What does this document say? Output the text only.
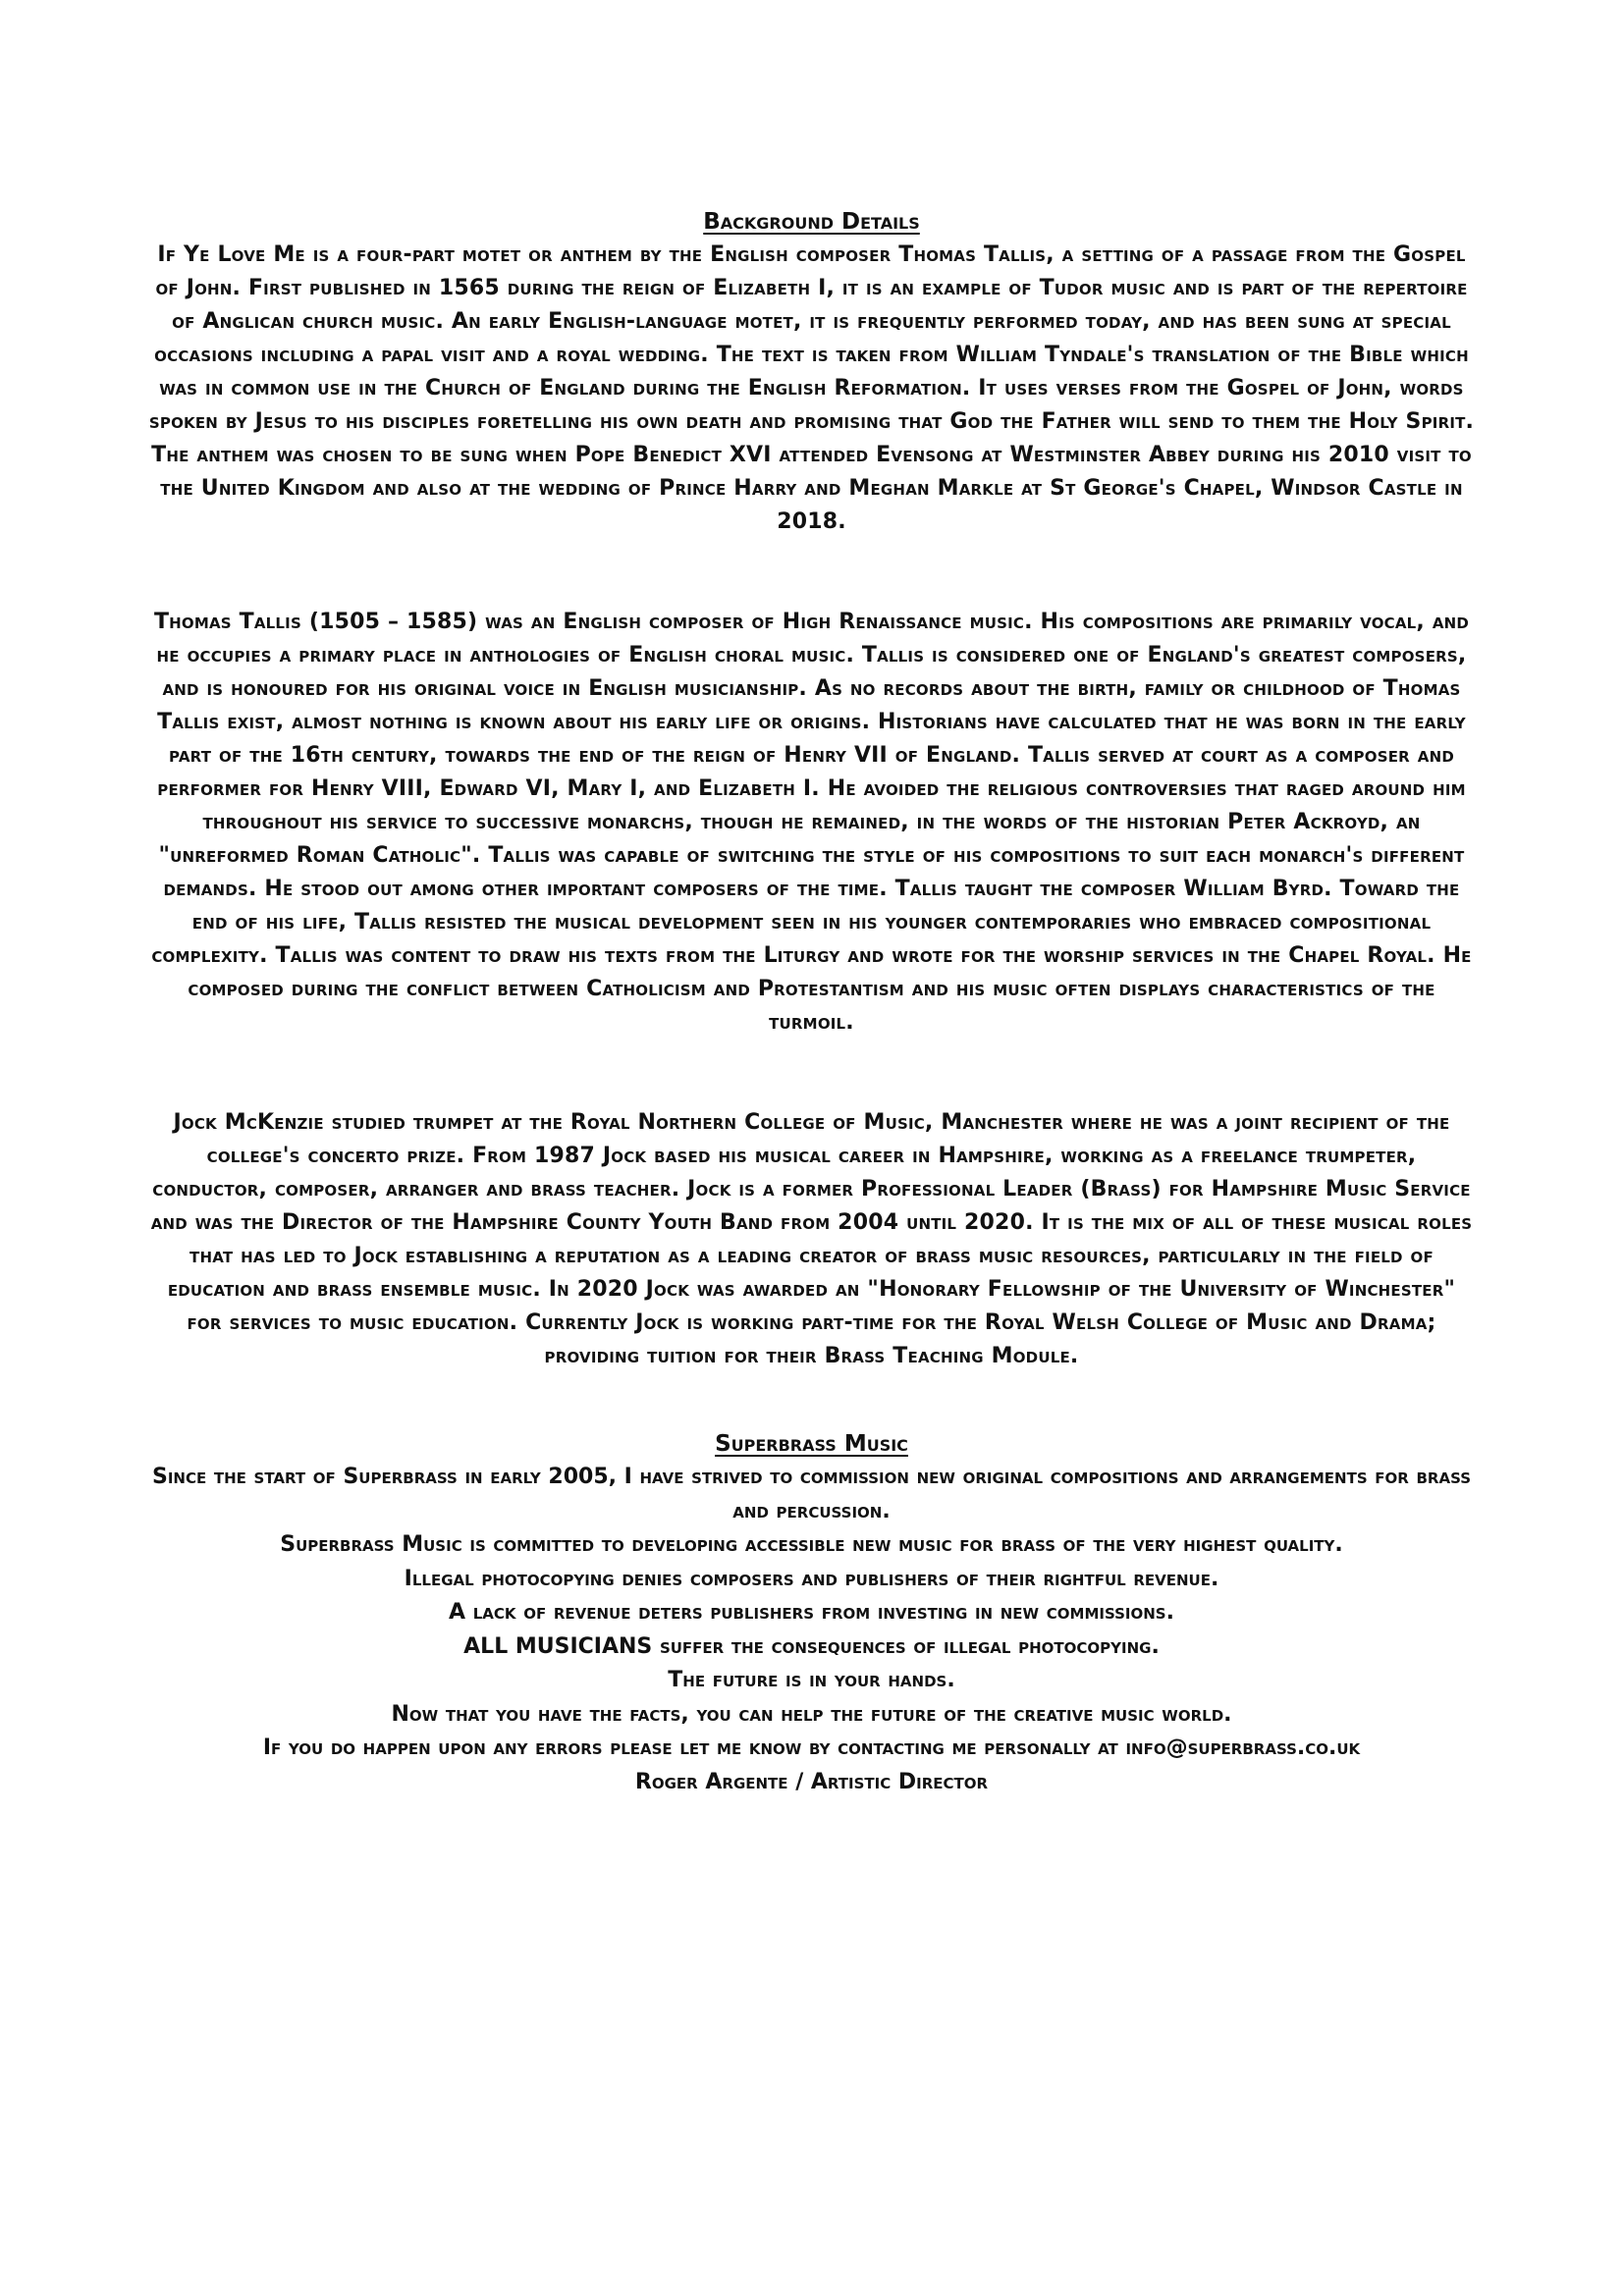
Background Details

If Ye Love Me is a four-part motet or anthem by the English composer Thomas Tallis, a setting of a passage from the Gospel of John. First published in 1565 during the reign of Elizabeth I, it is an example of Tudor music and is part of the repertoire of Anglican church music. An early English-language motet, it is frequently performed today, and has been sung at special occasions including a papal visit and a royal wedding. The text is taken from William Tyndale's translation of the Bible which was in common use in the Church of England during the English Reformation. It uses verses from the Gospel of John, words spoken by Jesus to his disciples foretelling his own death and promising that God the Father will send to them the Holy Spirit. The anthem was chosen to be sung when Pope Benedict XVI attended Evensong at Westminster Abbey during his 2010 visit to the United Kingdom and also at the wedding of Prince Harry and Meghan Markle at St George's Chapel, Windsor Castle in 2018.

Thomas Tallis (1505 – 1585) was an English composer of High Renaissance music. His compositions are primarily vocal, and he occupies a primary place in anthologies of English choral music. Tallis is considered one of England's greatest composers, and is honoured for his original voice in English musicianship. As no records about the birth, family or childhood of Thomas Tallis exist, almost nothing is known about his early life or origins. Historians have calculated that he was born in the early part of the 16th century, towards the end of the reign of Henry VII of England. Tallis served at court as a composer and performer for Henry VIII, Edward VI, Mary I, and Elizabeth I. He avoided the religious controversies that raged around him throughout his service to successive monarchs, though he remained, in the words of the historian Peter Ackroyd, an "unreformed Roman Catholic". Tallis was capable of switching the style of his compositions to suit each monarch's different demands. He stood out among other important composers of the time. Tallis taught the composer William Byrd. Toward the end of his life, Tallis resisted the musical development seen in his younger contemporaries who embraced compositional complexity. Tallis was content to draw his texts from the Liturgy and wrote for the worship services in the Chapel Royal. He composed during the conflict between Catholicism and Protestantism and his music often displays characteristics of the turmoil.

Jock McKenzie studied trumpet at the Royal Northern College of Music, Manchester where he was a joint recipient of the college's concerto prize. From 1987 Jock based his musical career in Hampshire, working as a freelance trumpeter, conductor, composer, arranger and brass teacher. Jock is a former Professional Leader (Brass) for Hampshire Music Service and was the Director of the Hampshire County Youth Band from 2004 until 2020. It is the mix of all of these musical roles that has led to Jock establishing a reputation as a leading creator of brass music resources, particularly in the field of education and brass ensemble music. In 2020 Jock was awarded an "Honorary Fellowship of the University of Winchester" for services to music education. Currently Jock is working part-time for the Royal Welsh College of Music and Drama; providing tuition for their Brass Teaching Module.

Superbrass Music

Since the start of Superbrass in early 2005, I have strived to commission new original compositions and arrangements for brass and percussion.

Superbrass Music is committed to developing accessible new music for brass of the very highest quality.

Illegal photocopying denies composers and publishers of their rightful revenue.

A lack of revenue deters publishers from investing in new commissions.

ALL MUSICIANS suffer the consequences of illegal photocopying.

The future is in your hands.

Now that you have the facts, you can help the future of the creative music world.

If you do happen upon any errors please let me know by contacting me personally at info@superbrass.co.uk

Roger Argente / Artistic Director
